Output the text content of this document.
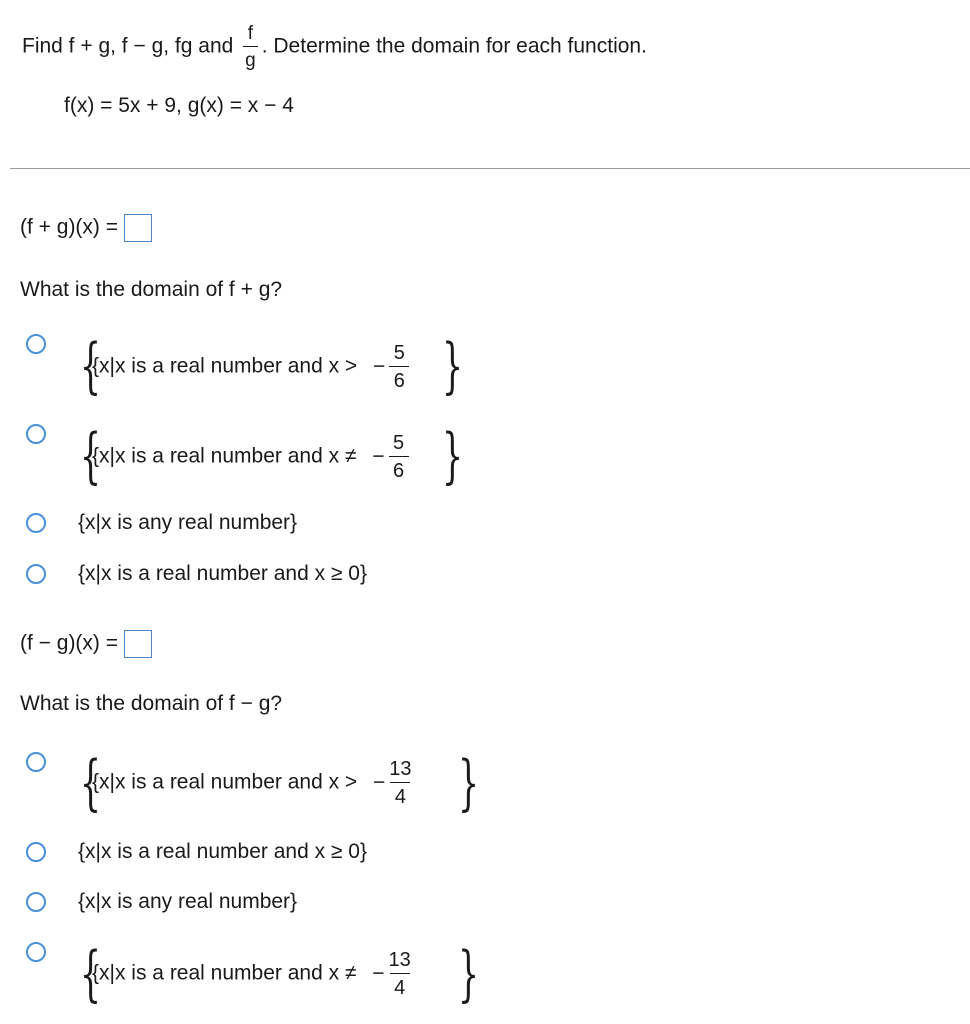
Find f + g, f − g, fg and $\frac{f}{g}$ . Determine the domain for each function.
f(x) = 5x + 9, g(x) = x − 4
(f + g)(x) =
What is the domain of f + g?
{
{x|x is a real number and x > − $\frac{5}{6}$ }
{
{x|x is a real number and x ≠ − $\frac{5}{6}$ }
{x|x is any real number}
{x|x is a real number and x ≥ 0}
(f − g)(x) =
What is the domain of f − g?
{
{x|x is a real number and x > − $\frac{13}{4}$ }
{x|x is a real number and x ≥ 0}
{x|x is any real number}
{
{x|x is a real number and x ≠ − $\frac{13}{4}$ }
